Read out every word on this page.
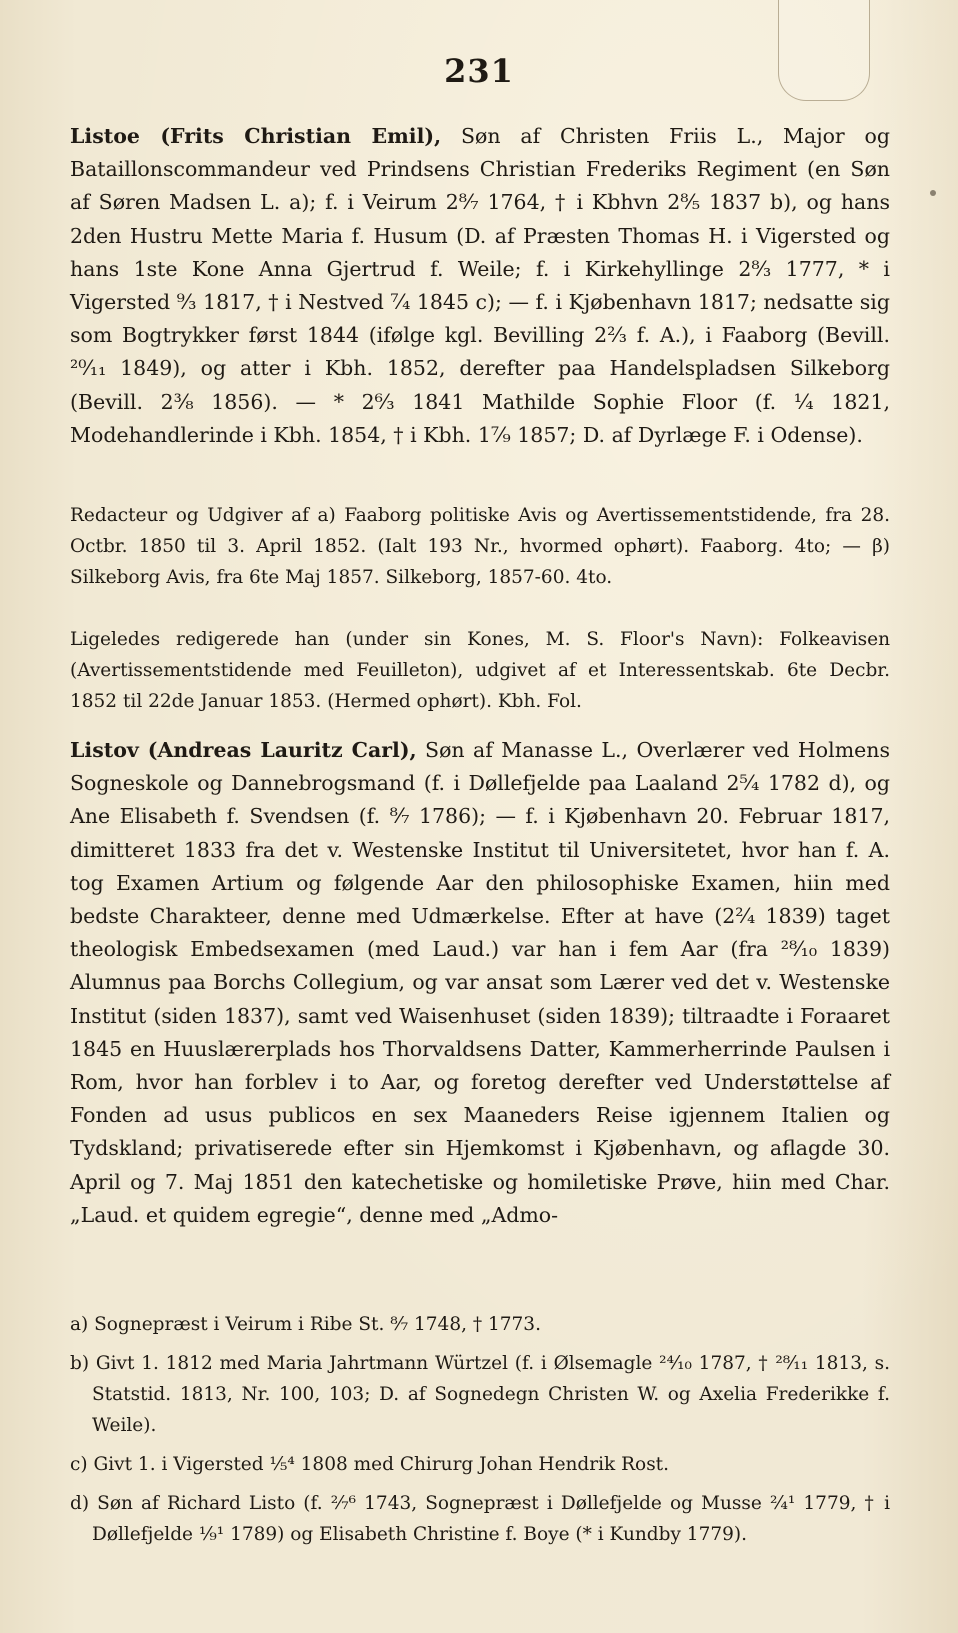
231

Listoe (Frits Christian Emil), Søn af Christen Friis L., Major og Bataillonscommandeur ved Prindsens Christian Frederiks Regiment (en Søn af Søren Madsen L. a); f. i Veirum 2⁸⁄₇ 1764, † i Kbhvn 2⁸⁄₅ 1837 b), og hans 2den Hustru Mette Maria f. Husum (D. af Præsten Thomas H. i Vigersted og hans 1ste Kone Anna Gjertrud f. Weile; f. i Kirkehyllinge 2⁸⁄₃ 1777, * i Vigersted ⁹⁄₃ 1817, † i Nestved ⁷⁄₄ 1845 c); — f. i Kjøbenhavn 1817; nedsatte sig som Bogtrykker først 1844 (ifølge kgl. Bevilling 2²⁄₃ f. A.), i Faaborg (Bevill. ²⁰⁄₁₁ 1849), og atter i Kbh. 1852, derefter paa Handelspladsen Silkeborg (Bevill. 2³⁄₈ 1856). — * 2⁶⁄₃ 1841 Mathilde Sophie Floor (f. ¹⁄₄ 1821, Modehandlerinde i Kbh. 1854, † i Kbh. 1⁷⁄₉ 1857; D. af Dyrlæge F. i Odense).

Redacteur og Udgiver af a) Faaborg politiske Avis og Avertissementstidende, fra 28. Octbr. 1850 til 3. April 1852. (Ialt 193 Nr., hvormed ophørt). Faaborg. 4to; — β) Silkeborg Avis, fra 6te Maj 1857. Silkeborg, 1857-60. 4to.

Ligeledes redigerede han (under sin Kones, M. S. Floor's Navn): Folkeavisen (Avertissementstidende med Feuilleton), udgivet af et Interessentskab. 6te Decbr. 1852 til 22de Januar 1853. (Hermed ophørt). Kbh. Fol.

Listov (Andreas Lauritz Carl), Søn af Manasse L., Overlærer ved Holmens Sogneskole og Dannebrogsmand (f. i Døllefjelde paa Laaland 2⁵⁄₄ 1782 d), og Ane Elisabeth f. Svendsen (f. ⁸⁄₇ 1786); — f. i Kjøbenhavn 20. Februar 1817, dimitteret 1833 fra det v. Westenske Institut til Universitetet, hvor han f. A. tog Examen Artium og følgende Aar den philosophiske Examen, hiin med bedste Charakteer, denne med Udmærkelse. Efter at have (2²⁄₄ 1839) taget theologisk Embedsexamen (med Laud.) var han i fem Aar (fra ²⁸⁄₁₀ 1839) Alumnus paa Borchs Collegium, og var ansat som Lærer ved det v. Westenske Institut (siden 1837), samt ved Waisenhuset (siden 1839); tiltraadte i Foraaret 1845 en Huuslærerplads hos Thorvaldsens Datter, Kammerherrinde Paulsen i Rom, hvor han forblev i to Aar, og foretog derefter ved Understøttelse af Fonden ad usus publicos en sex Maaneders Reise igjennem Italien og Tydskland; privatiserede efter sin Hjemkomst i Kjøbenhavn, og aflagde 30. April og 7. Maj 1851 den katechetiske og homiletiske Prøve, hiin med Char. „Laud. et quidem egregie“, denne med „Admo-

a) Sognepræst i Veirum i Ribe St. ⁸⁄₇ 1748, † 1773.

b) Givt 1. 1812 med Maria Jahrtmann Würtzel (f. i Ølsemagle ²⁴⁄₁₀ 1787, † ²⁸⁄₁₁ 1813, s. Statstid. 1813, Nr. 100, 103; D. af Sognedegn Christen W. og Axelia Frederikke f. Weile).

c) Givt 1. i Vigersted ¹⁄₅⁴ 1808 med Chirurg Johan Hendrik Rost.

d) Søn af Richard Listo (f. ²⁄₇⁶ 1743, Sognepræst i Døllefjelde og Musse ²⁄₄¹ 1779, † i Døllefjelde ¹⁄₉¹ 1789) og Elisabeth Christine f. Boye (* i Kundby 1779).
